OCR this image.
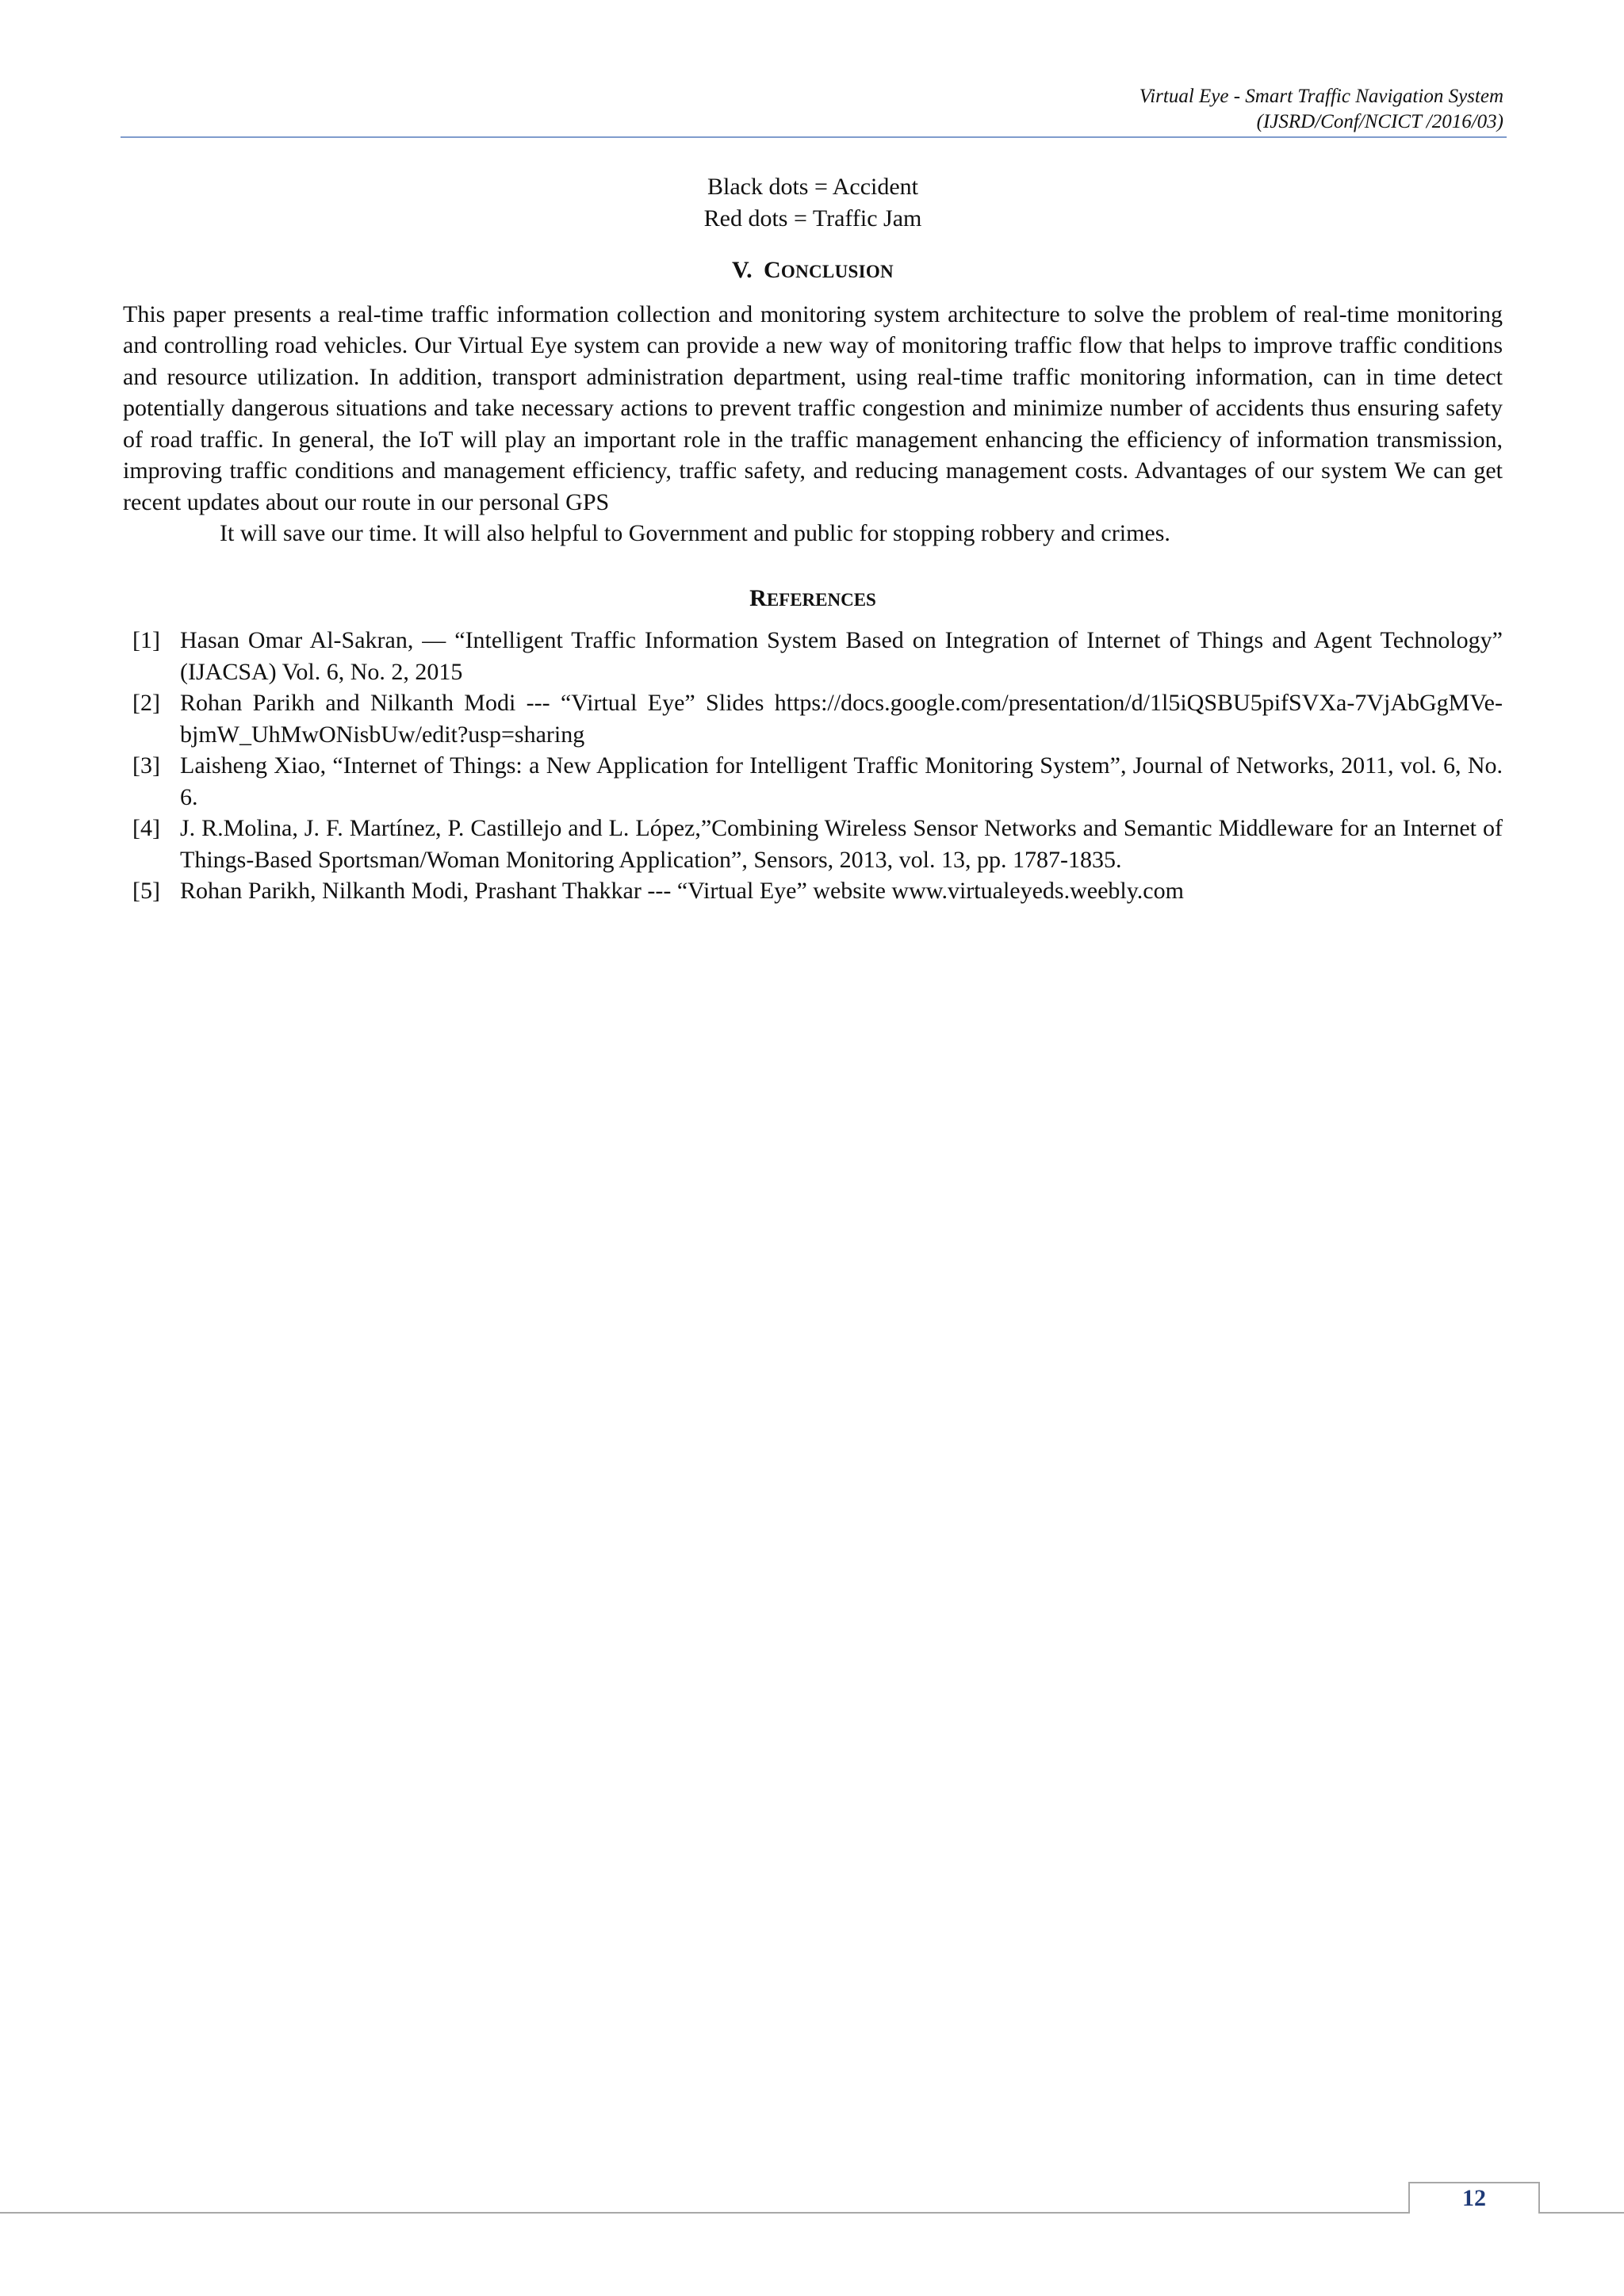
Virtual Eye - Smart Traffic Navigation System
(IJSRD/Conf/NCICT /2016/03)
Black dots = Accident
Red dots = Traffic Jam
V. CONCLUSION

This paper presents a real-time traffic information collection and monitoring system architecture to solve the problem of real-time monitoring and controlling road vehicles. Our Virtual Eye system can provide a new way of monitoring traffic flow that helps to improve traffic conditions and resource utilization. In addition, transport administration department, using real-time traffic monitoring information, can in time detect potentially dangerous situations and take necessary actions to prevent traffic congestion and minimize number of accidents thus ensuring safety of road traffic. In general, the IoT will play an important role in the traffic management enhancing the efficiency of information transmission, improving traffic conditions and management efficiency, traffic safety, and reducing management costs. Advantages of our system We can get recent updates about our route in our personal GPS

It will save our time. It will also helpful to Government and public for stopping robbery and crimes.

REFERENCES
[1] Hasan Omar Al-Sakran, ― “Intelligent Traffic Information System Based on Integration of Internet of Things and Agent Technology” (IJACSA) Vol. 6, No. 2, 2015
[2] Rohan Parikh and Nilkanth Modi --- “Virtual Eye” Slides https://docs.google.com/presentation/d/1l5iQSBU5pifSVXa-7VjAbGgMVe-bjmW_UhMwONisbUw/edit?usp=sharing
[3] Laisheng Xiao, “Internet of Things: a New Application for Intelligent Traffic Monitoring System”, Journal of Networks, 2011, vol. 6, No. 6.
[4] J. R.Molina, J. F. Martínez, P. Castillejo and L. López,”Combining Wireless Sensor Networks and Semantic Middleware for an Internet of Things-Based Sportsman/Woman Monitoring Application”, Sensors, 2013, vol. 13, pp. 1787-1835.
[5] Rohan Parikh, Nilkanth Modi, Prashant Thakkar --- “Virtual Eye” website www.virtualeyeds.weebly.com
12
